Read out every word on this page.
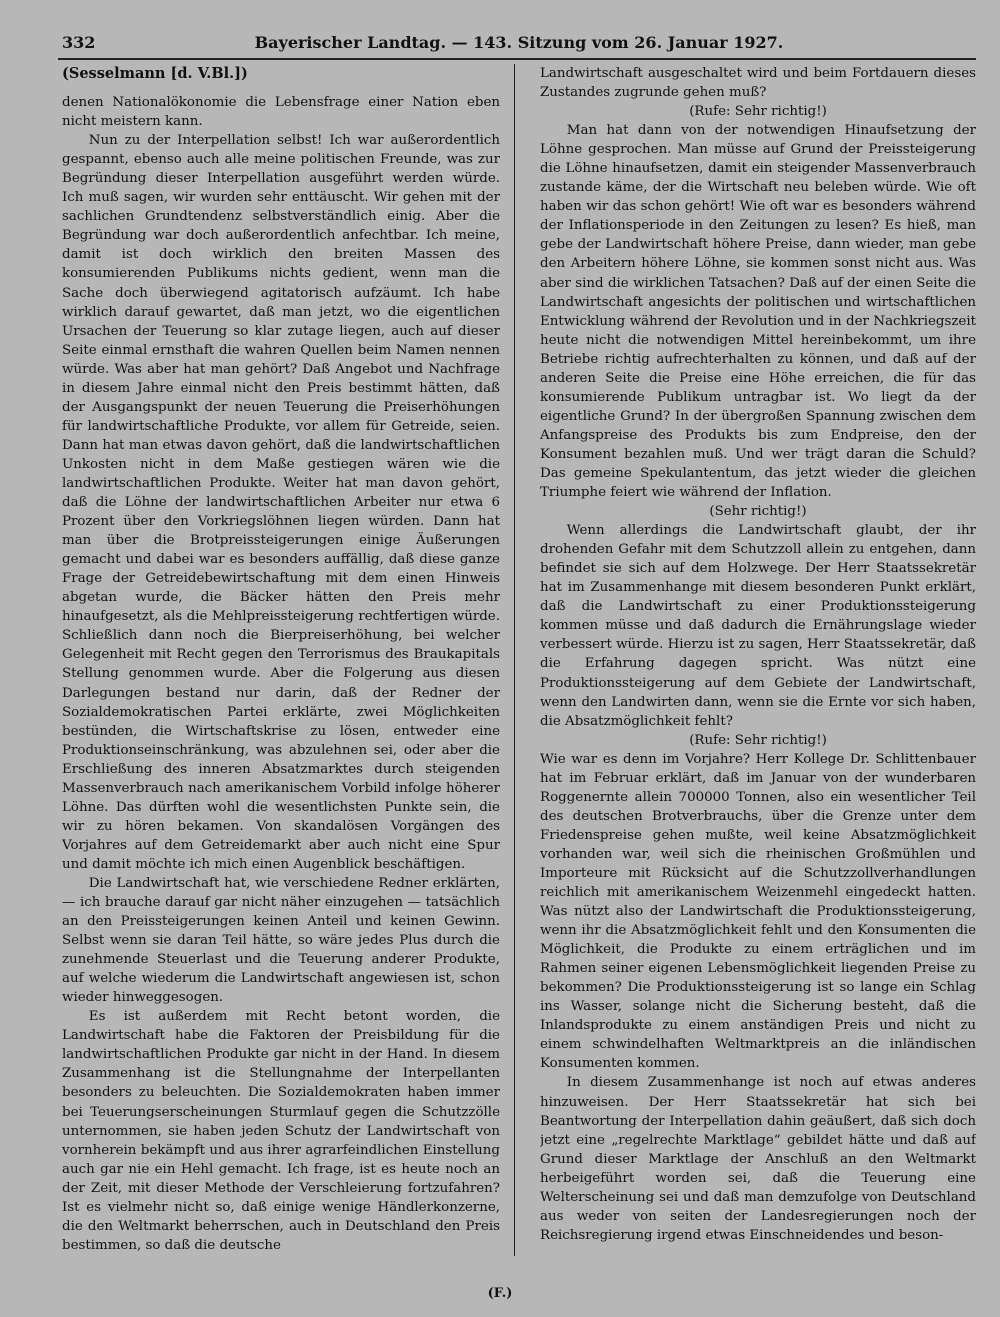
332	Bayerischer Landtag. — 143. Sitzung vom 26. Januar 1927.

(Sesselmann [d. V.Bl.])

denen Nationalökonomie die Lebensfrage einer Nation eben nicht meistern kann.

Nun zu der Interpellation selbst! Ich war außerordentlich gespannt, ebenso auch alle meine politischen Freunde, was zur Begründung dieser Interpellation ausgeführt werden würde. Ich muß sagen, wir wurden sehr enttäuscht. Wir gehen mit der sachlichen Grundtendenz selbstverständlich einig. Aber die Begründung war doch außerordentlich anfechtbar. Ich meine, damit ist doch wirklich den breiten Massen des konsumierenden Publikums nichts gedient, wenn man die Sache doch überwiegend agitatorisch aufzäumt. Ich habe wirklich darauf gewartet, daß man jetzt, wo die eigentlichen Ursachen der Teuerung so klar zutage liegen, auch auf dieser Seite einmal ernsthaft die wahren Quellen beim Namen nennen würde. Was aber hat man gehört? Daß Angebot und Nachfrage in diesem Jahre einmal nicht den Preis bestimmt hätten, daß der Ausgangspunkt der neuen Teuerung die Preiserhöhungen für landwirtschaftliche Produkte, vor allem für Getreide, seien. Dann hat man etwas davon gehört, daß die landwirtschaftlichen Unkosten nicht in dem Maße gestiegen wären wie die landwirtschaftlichen Produkte. Weiter hat man davon gehört, daß die Löhne der landwirtschaftlichen Arbeiter nur etwa 6 Prozent über den Vorkriegslöhnen liegen würden. Dann hat man über die Brotpreissteigerungen einige Äußerungen gemacht und dabei war es besonders auffällig, daß diese ganze Frage der Getreidebewirtschaftung mit dem einen Hinweis abgetan wurde, die Bäcker hätten den Preis mehr hinaufgesetzt, als die Mehlpreissteigerung rechtfertigen würde. Schließlich dann noch die Bierpreiserhöhung, bei welcher Gelegenheit mit Recht gegen den Terrorismus des Braukapitals Stellung genommen wurde. Aber die Folgerung aus diesen Darlegungen bestand nur darin, daß der Redner der Sozialdemokratischen Partei erklärte, zwei Möglichkeiten bestünden, die Wirtschaftskrise zu lösen, entweder eine Produktionseinschränkung, was abzulehnen sei, oder aber die Erschließung des inneren Absatzmarktes durch steigenden Massenverbrauch nach amerikanischem Vorbild infolge höherer Löhne. Das dürften wohl die wesentlichsten Punkte sein, die wir zu hören bekamen. Von skandalösen Vorgängen des Vorjahres auf dem Getreidemarkt aber auch nicht eine Spur und damit möchte ich mich einen Augenblick beschäftigen.

Die Landwirtschaft hat, wie verschiedene Redner erklärten, — ich brauche darauf gar nicht näher einzugehen — tatsächlich an den Preissteigerungen keinen Anteil und keinen Gewinn. Selbst wenn sie daran Teil hätte, so wäre jedes Plus durch die zunehmende Steuerlast und die Teuerung anderer Produkte, auf welche wiederum die Landwirtschaft angewiesen ist, schon wieder hinweggesogen.

Es ist außerdem mit Recht betont worden, die Landwirtschaft habe die Faktoren der Preisbildung für die landwirtschaftlichen Produkte gar nicht in der Hand. In diesem Zusammenhang ist die Stellungnahme der Interpellanten besonders zu beleuchten. Die Sozialdemokraten haben immer bei Teuerungserscheinungen Sturmlauf gegen die Schutzzölle unternommen, sie haben jeden Schutz der Landwirtschaft von vornherein bekämpft und aus ihrer agrarfeindlichen Einstellung auch gar nie ein Hehl gemacht. Ich frage, ist es heute noch an der Zeit, mit dieser Methode der Verschleierung fortzufahren? Ist es vielmehr nicht so, daß einige wenige Händlerkonzerne, die den Weltmarkt beherrschen, auch in Deutschland den Preis bestimmen, so daß die deutsche

Landwirtschaft ausgeschaltet wird und beim Fortdauern dieses Zustandes zugrunde gehen muß?

(Rufe: Sehr richtig!)

Man hat dann von der notwendigen Hinaufsetzung der Löhne gesprochen. Man müsse auf Grund der Preissteigerung die Löhne hinaufsetzen, damit ein steigender Massenverbrauch zustande käme, der die Wirtschaft neu beleben würde. Wie oft haben wir das schon gehört! Wie oft war es besonders während der Inflationsperiode in den Zeitungen zu lesen? Es hieß, man gebe der Landwirtschaft höhere Preise, dann wieder, man gebe den Arbeitern höhere Löhne, sie kommen sonst nicht aus. Was aber sind die wirklichen Tatsachen? Daß auf der einen Seite die Landwirtschaft angesichts der politischen und wirtschaftlichen Entwicklung während der Revolution und in der Nachkriegszeit heute nicht die notwendigen Mittel hereinbekommt, um ihre Betriebe richtig aufrechterhalten zu können, und daß auf der anderen Seite die Preise eine Höhe erreichen, die für das konsumierende Publikum untragbar ist. Wo liegt da der eigentliche Grund? In der übergroßen Spannung zwischen dem Anfangspreise des Produkts bis zum Endpreise, den der Konsument bezahlen muß. Und wer trägt daran die Schuld? Das gemeine Spekulantentum, das jetzt wieder die gleichen Triumphe feiert wie während der Inflation.

(Sehr richtig!)

Wenn allerdings die Landwirtschaft glaubt, der ihr drohenden Gefahr mit dem Schutzzoll allein zu entgehen, dann befindet sie sich auf dem Holzwege. Der Herr Staatssekretär hat im Zusammenhange mit diesem besonderen Punkt erklärt, daß die Landwirtschaft zu einer Produktionssteigerung kommen müsse und daß dadurch die Ernährungslage wieder verbessert würde. Hierzu ist zu sagen, Herr Staatssekretär, daß die Erfahrung dagegen spricht. Was nützt eine Produktionssteigerung auf dem Gebiete der Landwirtschaft, wenn den Landwirten dann, wenn sie die Ernte vor sich haben, die Absatzmöglichkeit fehlt?

(Rufe: Sehr richtig!)

Wie war es denn im Vorjahre? Herr Kollege Dr. Schlittenbauer hat im Februar erklärt, daß im Januar von der wunderbaren Roggenernte allein 700000 Tonnen, also ein wesentlicher Teil des deutschen Brotverbrauchs, über die Grenze unter dem Friedenspreise gehen mußte, weil keine Absatzmöglichkeit vorhanden war, weil sich die rheinischen Großmühlen und Importeure mit Rücksicht auf die Schutzzollverhandlungen reichlich mit amerikanischem Weizenmehl eingedeckt hatten. Was nützt also der Landwirtschaft die Produktionssteigerung, wenn ihr die Absatzmöglichkeit fehlt und den Konsumenten die Möglichkeit, die Produkte zu einem erträglichen und im Rahmen seiner eigenen Lebensmöglichkeit liegenden Preise zu bekommen? Die Produktionssteigerung ist so lange ein Schlag ins Wasser, solange nicht die Sicherung besteht, daß die Inlandsprodukte zu einem anständigen Preis und nicht zu einem schwindelhaften Weltmarktpreis an die inländischen Konsumenten kommen.

In diesem Zusammenhange ist noch auf etwas anderes hinzuweisen. Der Herr Staatssekretär hat sich bei Beantwortung der Interpellation dahin geäußert, daß sich doch jetzt eine „regelrechte Marktlage“ gebildet hätte und daß auf Grund dieser Marktlage der Anschluß an den Weltmarkt herbeigeführt worden sei, daß die Teuerung eine Welterscheinung sei und daß man demzufolge von Deutschland aus weder von seiten der Landesregierungen noch der Reichsregierung irgend etwas Einschneidendes und beson-

(F.)
